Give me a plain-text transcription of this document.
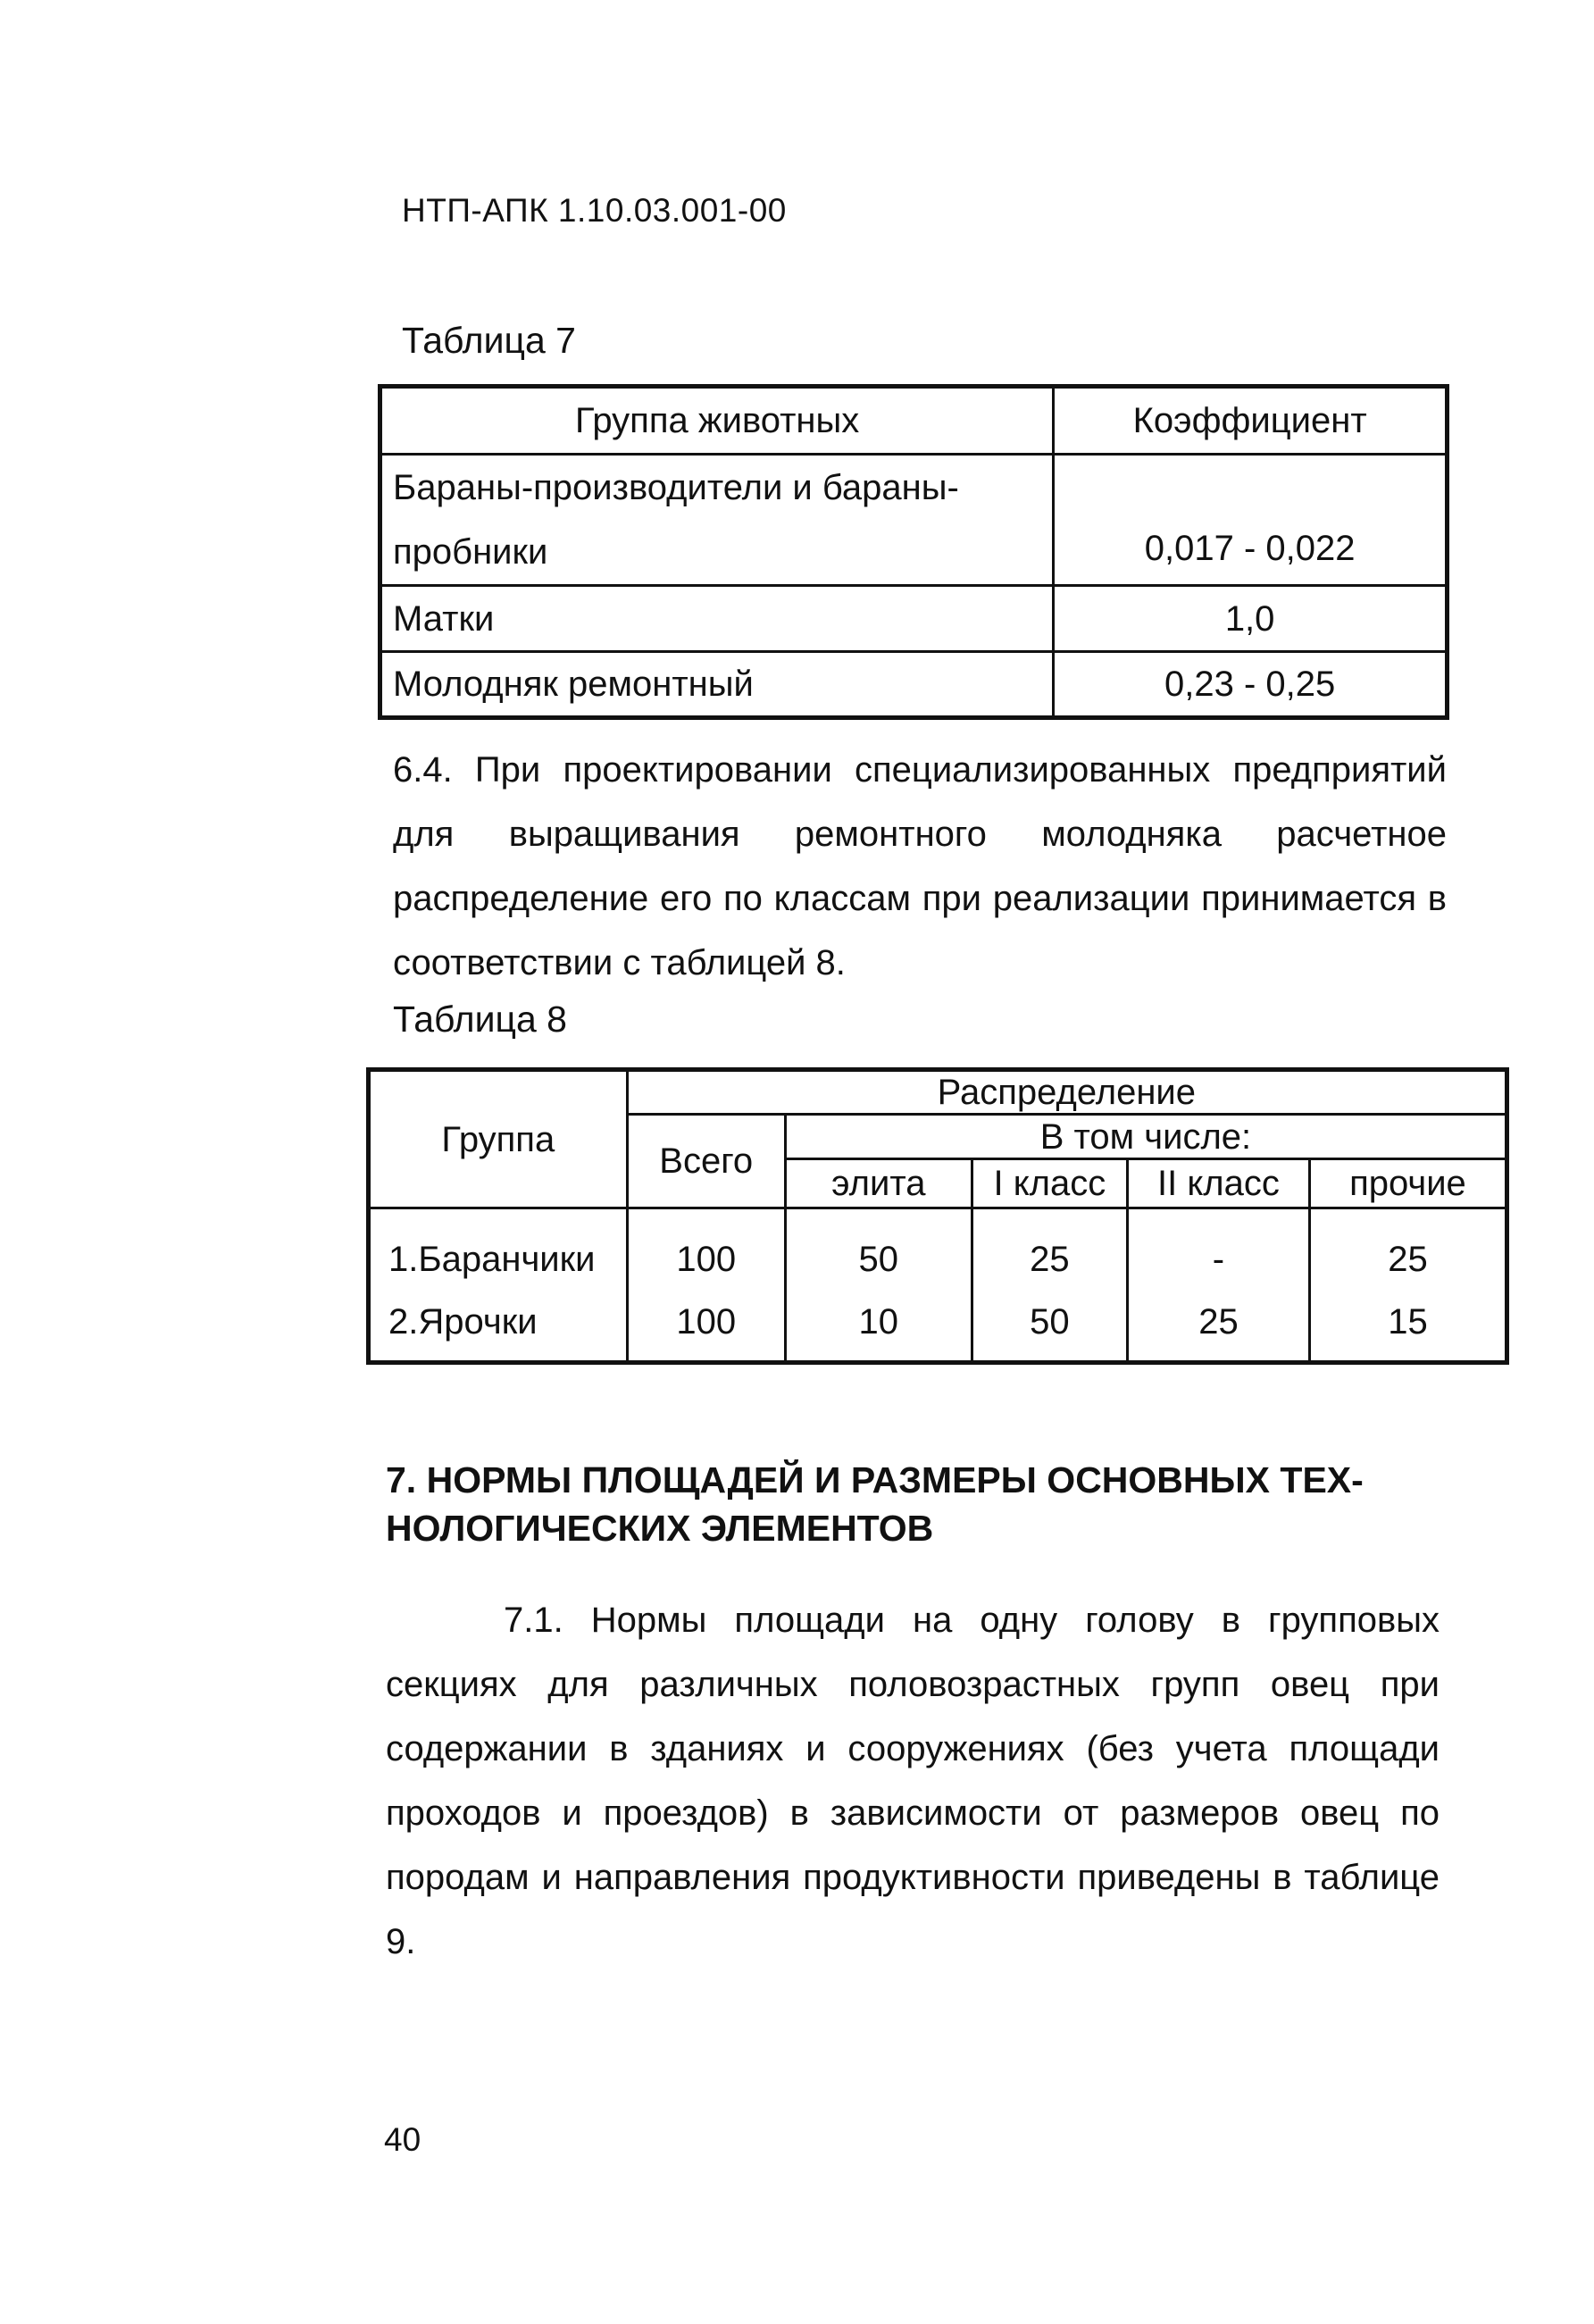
НТП-АПК 1.10.03.001-00
Таблица 7
Группа животных	Коэффициент

Бараны-производители и бараны-
пробники	0,017 - 0,022
Матки	1,0
Молодняк ремонтный	0,23 - 0,25
6.4. При проектировании специализированных предприятий для выращивания ремонтного молодняка расчетное распределение его по классам при реализации принимается в соответствии с таблицей 8.
Таблица 8
Группа	Распределение				
	Всего	В том числе:			
		элита	I класс	II класс	прочие
1.Баранчики	100	50	25	-	25
2.Ярочки	100	10	50	25	15
7. НОРМЫ ПЛОЩАДЕЙ И РАЗМЕРЫ ОСНОВНЫХ ТЕХ-
НОЛОГИЧЕСКИХ ЭЛЕМЕНТОВ
7.1. Нормы площади на одну голову в групповых секциях для различных половозрастных групп овец при содержании в зданиях и сооружениях (без учета площади проходов и проездов) в зависимости от размеров овец по породам и направления продуктивности приведены в таблице 9.
40
